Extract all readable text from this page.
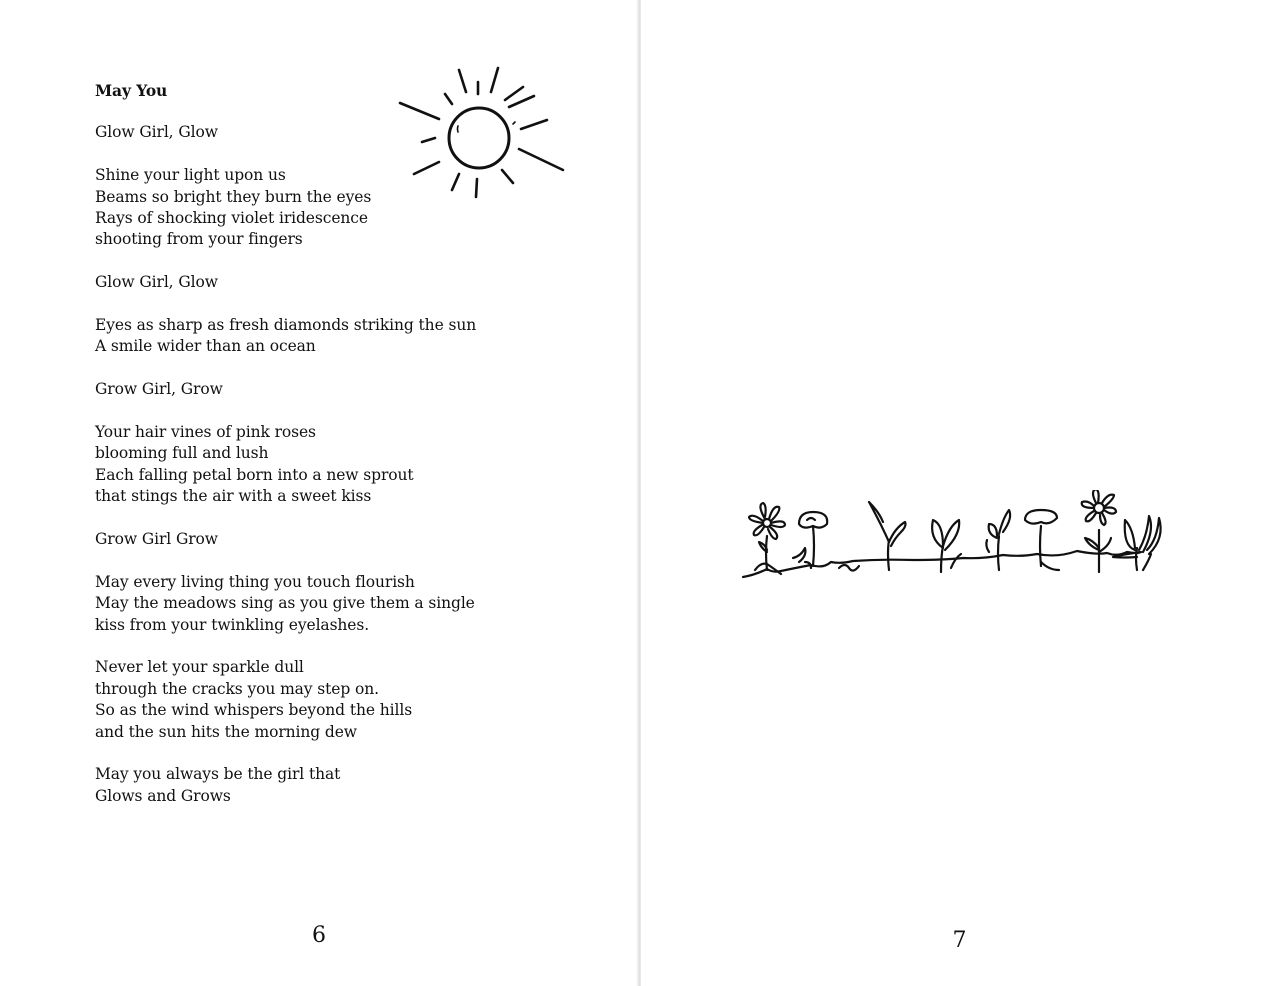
May You
Glow Girl, Glow
Shine your light upon us
Beams so bright they burn the eyes
Rays of shocking violet iridescence
shooting from your fingers
Glow Girl, Glow
Eyes as sharp as fresh diamonds striking the sun
A smile wider than an ocean
Grow Girl, Grow
Your hair vines of pink roses
blooming full and lush
Each falling petal born into a new sprout
that stings the air with a sweet kiss
Grow Girl Grow
May every living thing you touch flourish
May the meadows sing as you give them a single
kiss from your twinkling eyelashes.
Never let your sparkle dull
through the cracks you may step on.
So as the wind whispers beyond the hills
and the sun hits the morning dew
May you always be the girl that
Glows and Grows
6	7
